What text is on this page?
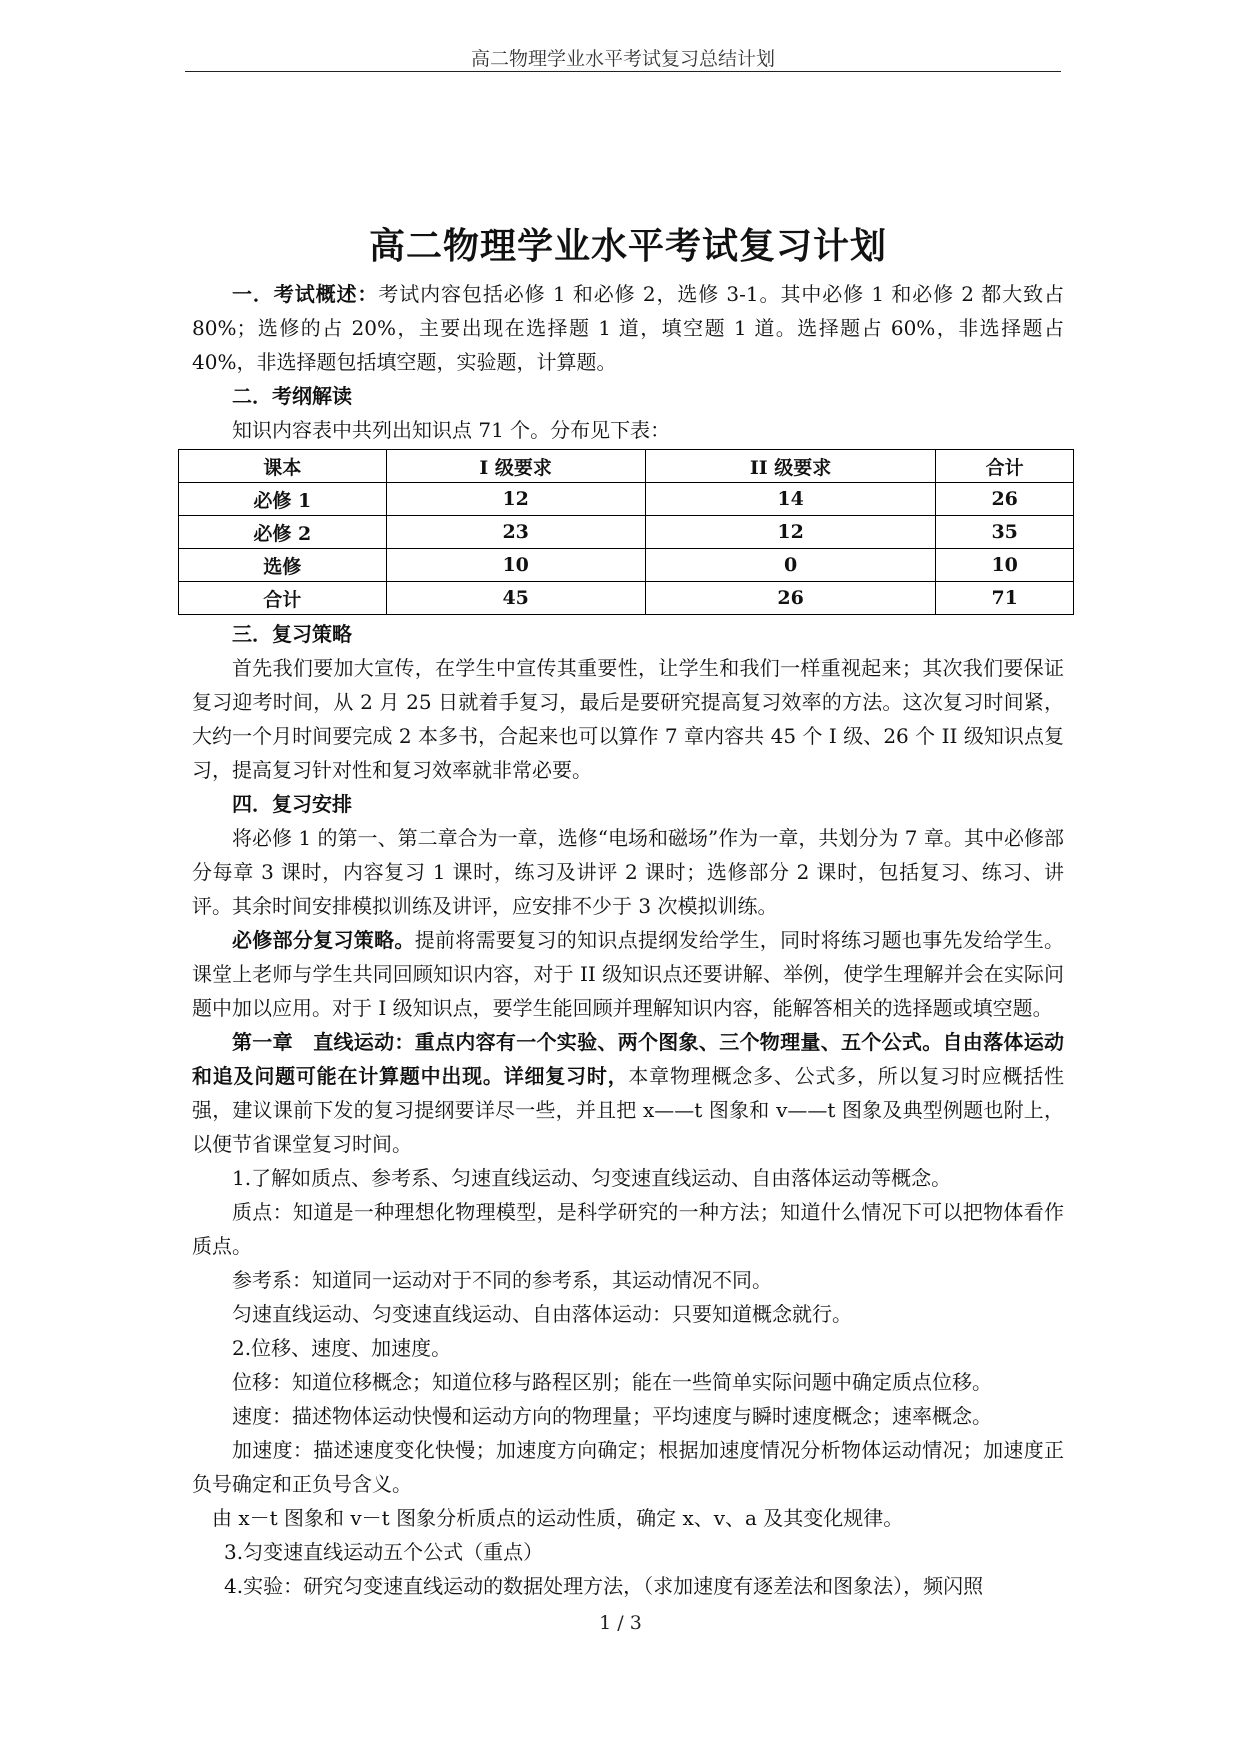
高二物理学业水平考试复习总结计划
高二物理学业水平考试复习计划

一．考试概述：考试内容包括必修 1 和必修 2，选修 3-1。其中必修 1 和必修 2 都大致占 80%；选修的占 20%，主要出现在选择题 1 道，填空题 1 道。选择题占 60%，非选择题占 40%，非选择题包括填空题，实验题，计算题。

二．考纲解读

知识内容表中共列出知识点 71 个。分布见下表：

课本	I 级要求	II 级要求	合计
必修 1	12	14	26
必修 2	23	12	35
选修	10	0	10
合计	45	26	71

三．复习策略

首先我们要加大宣传，在学生中宣传其重要性，让学生和我们一样重视起来；其次我们要保证复习迎考时间，从 2 月 25 日就着手复习，最后是要研究提高复习效率的方法。这次复习时间紧，大约一个月时间要完成 2 本多书，合起来也可以算作 7 章内容共 45 个 I 级、26 个 II 级知识点复习，提高复习针对性和复习效率就非常必要。

四．复习安排

将必修 1 的第一、第二章合为一章，选修“电场和磁场”作为一章，共划分为 7 章。其中必修部分每章 3 课时，内容复习 1 课时，练习及讲评 2 课时；选修部分 2 课时，包括复习、练习、讲评。其余时间安排模拟训练及讲评，应安排不少于 3 次模拟训练。

必修部分复习策略。提前将需要复习的知识点提纲发给学生，同时将练习题也事先发给学生。课堂上老师与学生共同回顾知识内容，对于 II 级知识点还要讲解、举例，使学生理解并会在实际问题中加以应用。对于 I 级知识点，要学生能回顾并理解知识内容，能解答相关的选择题或填空题。

第一章　直线运动：重点内容有一个实验、两个图象、三个物理量、五个公式。自由落体运动和追及问题可能在计算题中出现。详细复习时，本章物理概念多、公式多，所以复习时应概括性强，建议课前下发的复习提纲要详尽一些，并且把 x——t 图象和 v——t 图象及典型例题也附上，以便节省课堂复习时间。

1.了解如质点、参考系、匀速直线运动、匀变速直线运动、自由落体运动等概念。

质点：知道是一种理想化物理模型，是科学研究的一种方法；知道什么情况下可以把物体看作质点。

参考系：知道同一运动对于不同的参考系，其运动情况不同。

匀速直线运动、匀变速直线运动、自由落体运动：只要知道概念就行。

2.位移、速度、加速度。

位移：知道位移概念；知道位移与路程区别；能在一些简单实际问题中确定质点位移。

速度：描述物体运动快慢和运动方向的物理量；平均速度与瞬时速度概念；速率概念。

加速度：描述速度变化快慢；加速度方向确定；根据加速度情况分析物体运动情况；加速度正负号确定和正负号含义。

由 x－t 图象和 v－t 图象分析质点的运动性质，确定 x、v、a 及其变化规律。

3.匀变速直线运动五个公式（重点）

4.实验：研究匀变速直线运动的数据处理方法，（求加速度有逐差法和图象法），频闪照

1 / 3
